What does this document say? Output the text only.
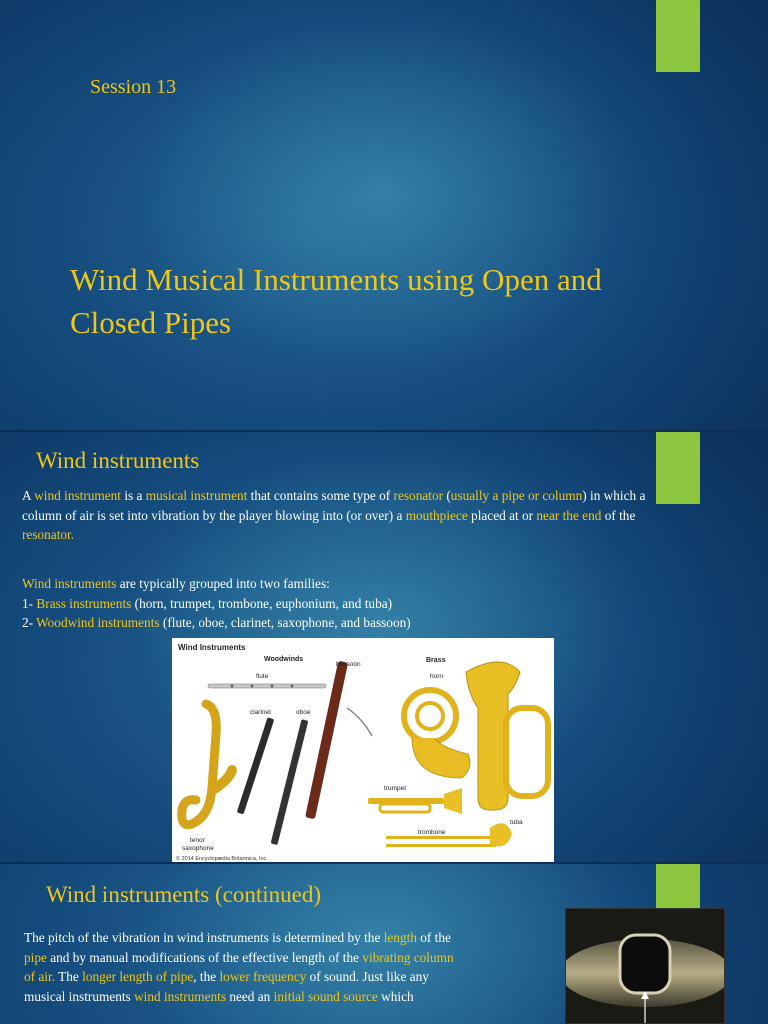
Session 13
Wind Musical Instruments using Open and Closed Pipes
Wind instruments

A wind instrument is a musical instrument that contains some type of resonator (usually a pipe or column) in which a column of air is set into vibration by the player blowing into (or over) a mouthpiece placed at or near the end of the resonator.

Wind instruments are typically grouped into two families:
1- Brass instruments (horn, trumpet, trombone, euphonium, and tuba)
2- Woodwind instruments (flute, oboe, clarinet, saxophone, and bassoon)
Wind Instruments
Woodwinds	Brass
flute
bassoon
clarinet	oboe
tenor
saxophone
horn
tuba
trumpet
trombone
© 2014 Encyclopædia Britannica, Inc.
Wind instruments (continued)

The pitch of the vibration in wind instruments is determined by the length of the pipe and by manual modifications of the effective length of the vibrating column of air. The longer length of pipe, the lower frequency of sound. Just like any musical instruments wind instruments need an initial sound source which
